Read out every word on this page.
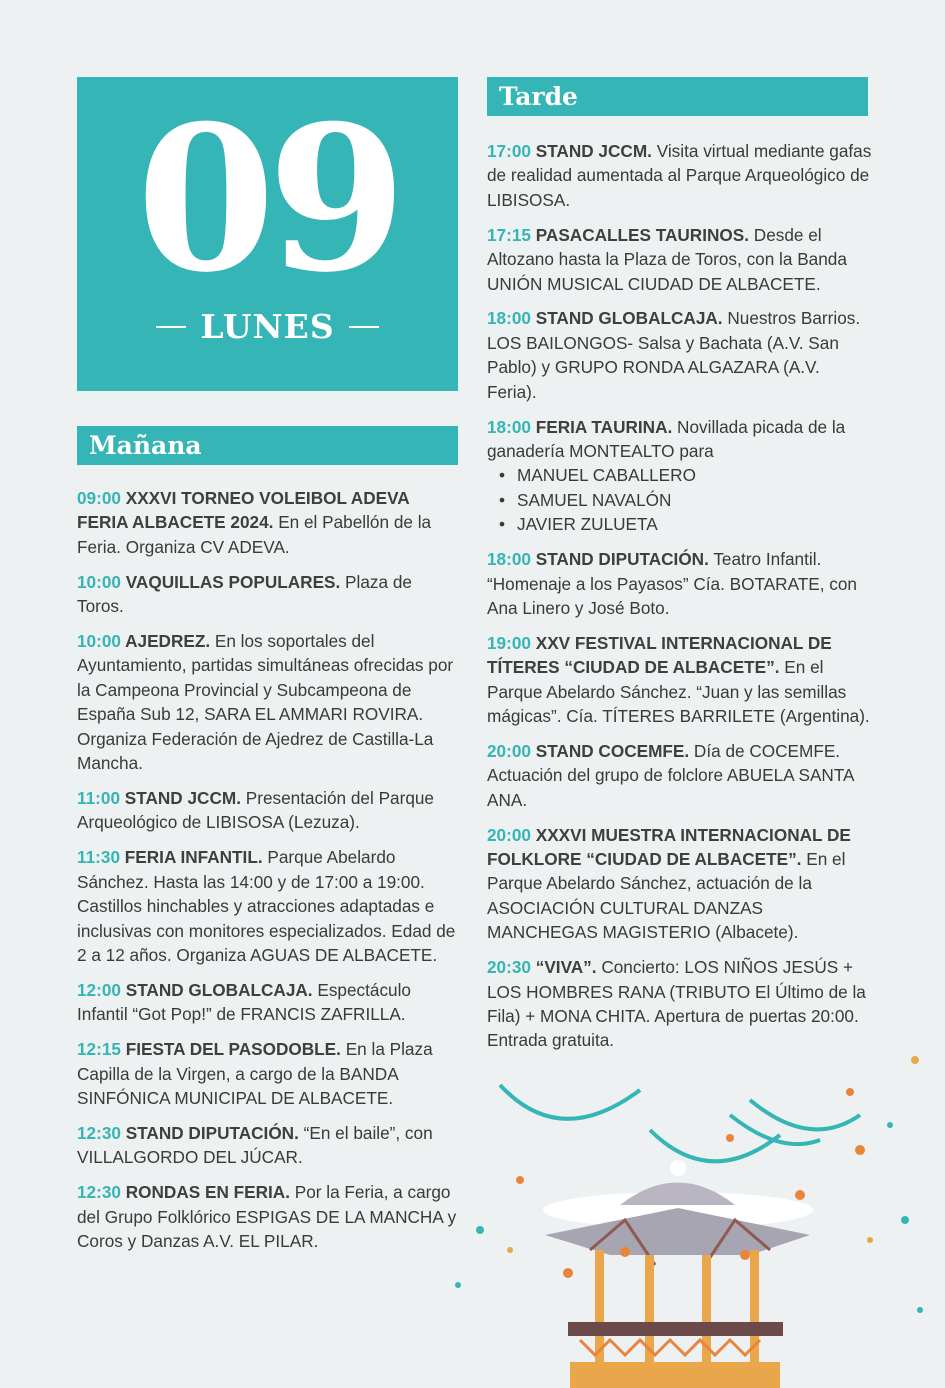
09
LUNES
Mañana
09:00 XXXVI TORNEO VOLEIBOL ADEVA FERIA ALBACETE 2024. En el Pabellón de la Feria. Organiza CV ADEVA.
10:00 VAQUILLAS POPULARES. Plaza de Toros.
10:00 AJEDREZ. En los soportales del Ayuntamiento, partidas simultáneas ofrecidas por la Campeona Provincial y Subcampeona de España Sub 12, SARA EL AMMARI ROVIRA. Organiza Federación de Ajedrez de Castilla-La Mancha.
11:00 STAND JCCM. Presentación del Parque Arqueológico de LIBISOSA (Lezuza).
11:30 FERIA INFANTIL. Parque Abelardo Sánchez. Hasta las 14:00 y de 17:00 a 19:00. Castillos hinchables y atracciones adaptadas e inclusivas con monitores especializados. Edad de 2 a 12 años. Organiza AGUAS DE ALBACETE.
12:00 STAND GLOBALCAJA. Espectáculo Infantil “Got Pop!” de FRANCIS ZAFRILLA.
12:15 FIESTA DEL PASODOBLE. En la Plaza Capilla de la Virgen, a cargo de la BANDA SINFÓNICA MUNICIPAL DE ALBACETE.
12:30 STAND DIPUTACIÓN. “En el baile”, con VILLALGORDO DEL JÚCAR.
12:30 RONDAS EN FERIA. Por la Feria, a cargo del Grupo Folklórico ESPIGAS DE LA MANCHA y Coros y Danzas A.V. EL PILAR.
Tarde
17:00 STAND JCCM. Visita virtual mediante gafas de realidad aumentada al Parque Arqueológico de LIBISOSA.
17:15 PASACALLES TAURINOS. Desde el Altozano hasta la Plaza de Toros, con la Banda UNIÓN MUSICAL CIUDAD DE ALBACETE.
18:00 STAND GLOBALCAJA. Nuestros Barrios. LOS BAILONGOS- Salsa y Bachata (A.V. San Pablo) y GRUPO RONDA ALGAZARA (A.V. Feria).
18:00 FERIA TAURINA. Novillada picada de la ganadería MONTEALTO para
• MANUEL CABALLERO
• SAMUEL NAVALÓN
• JAVIER ZULUETA
18:00 STAND DIPUTACIÓN. Teatro Infantil. “Homenaje a los Payasos” Cía. BOTARATE, con Ana Linero y José Boto.
19:00 XXV FESTIVAL INTERNACIONAL DE TÍTERES “CIUDAD DE ALBACETE”. En el Parque Abelardo Sánchez. “Juan y las semillas mágicas”. Cía. TÍTERES BARRILETE (Argentina).
20:00 STAND COCEMFE. Día de COCEMFE. Actuación del grupo de folclore ABUELA SANTA ANA.
20:00 XXXVI MUESTRA INTERNACIONAL DE FOLKLORE “CIUDAD DE ALBACETE”. En el Parque Abelardo Sánchez, actuación de la ASOCIACIÓN CULTURAL DANZAS MANCHEGAS MAGISTERIO (Albacete).
20:30 “VIVA”. Concierto: LOS NIÑOS JESÚS + LOS HOMBRES RANA (TRIBUTO El Último de la Fila) + MONA CHITA. Apertura de puertas 20:00. Entrada gratuita.
